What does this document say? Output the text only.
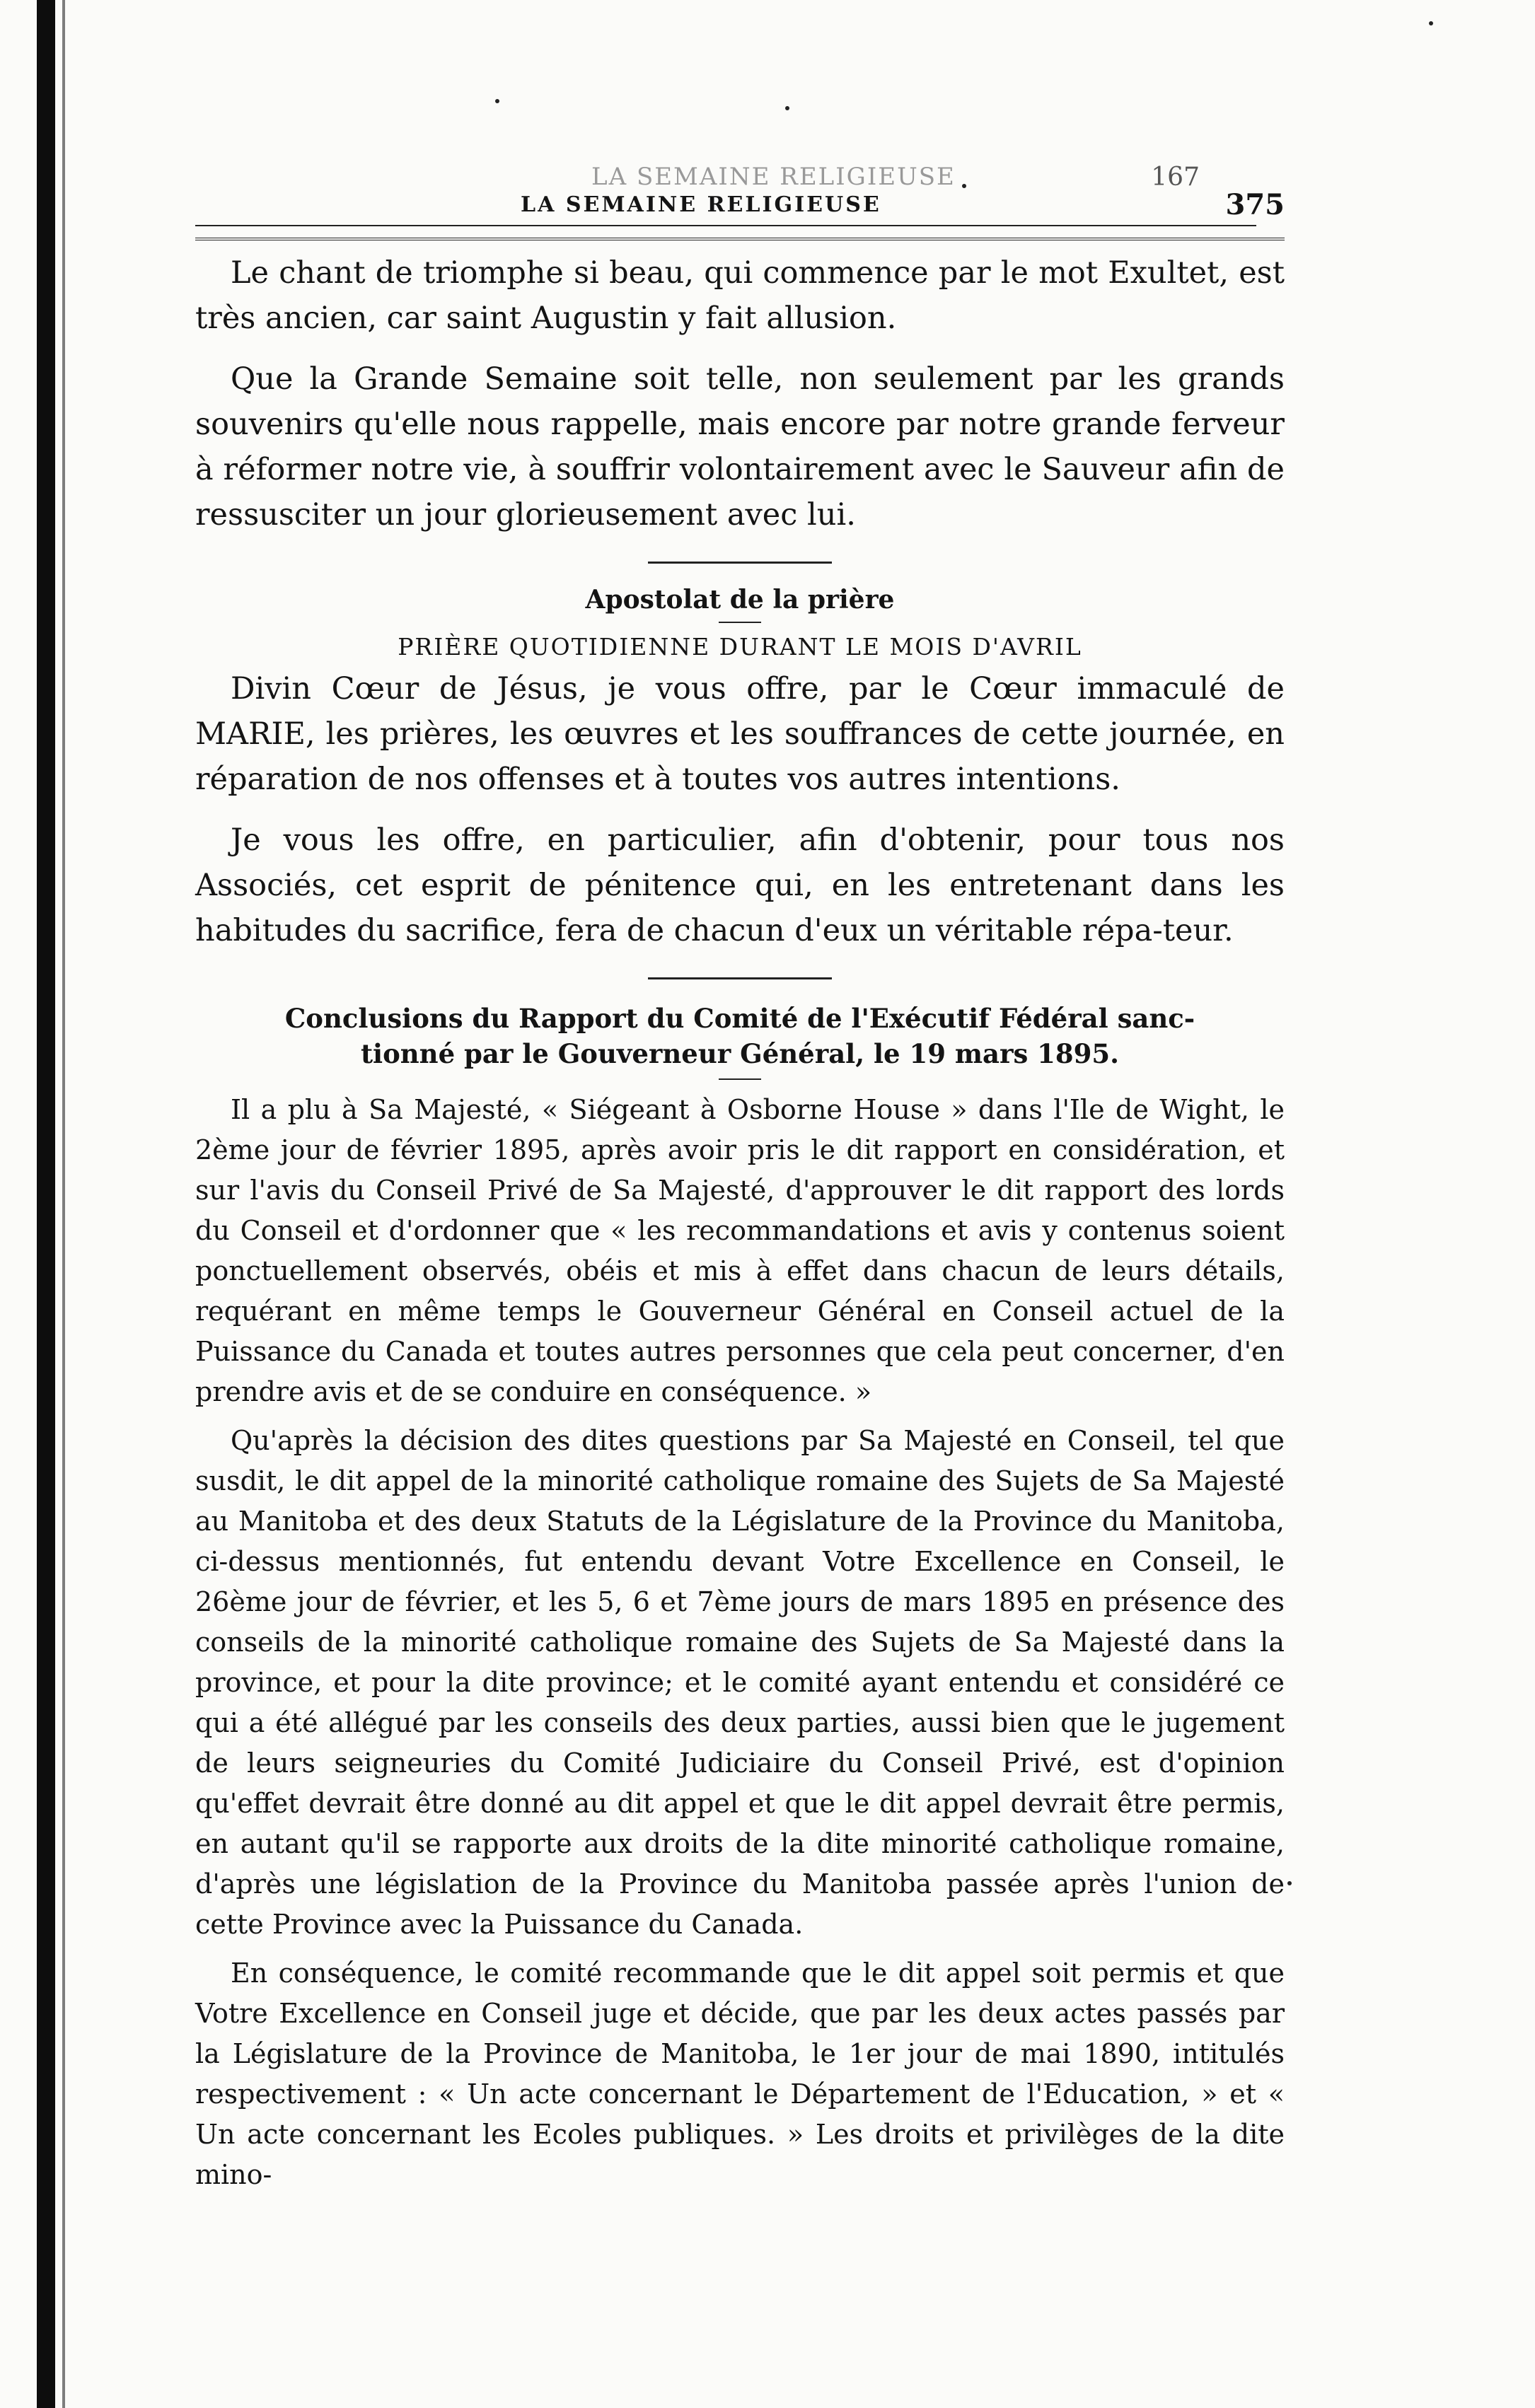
LA SEMAINE RELIGIEUSE	167
LA SEMAINE RELIGIEUSE	375

Le chant de triomphe si beau, qui commence par le mot Exultet, est très ancien, car saint Augustin y fait allusion.

Que la Grande Semaine soit telle, non seulement par les grands souvenirs qu'elle nous rappelle, mais encore par notre grande ferveur à réformer notre vie, à souffrir volontairement avec le Sauveur afin de ressusciter un jour glorieusement avec lui.

Apostolat de la prière

PRIÈRE QUOTIDIENNE DURANT LE MOIS D'AVRIL

Divin Cœur de Jésus, je vous offre, par le Cœur immaculé de MARIE, les prières, les œuvres et les souffrances de cette journée, en réparation de nos offenses et à toutes vos autres intentions.

Je vous les offre, en particulier, afin d'obtenir, pour tous nos Associés, cet esprit de pénitence qui, en les entretenant dans les habitudes du sacrifice, fera de chacun d'eux un véritable répa-teur.

Conclusions du Rapport du Comité de l'Exécutif Fédéral sanc-
tionné par le Gouverneur Général, le 19 mars 1895.

Il a plu à Sa Majesté, « Siégeant à Osborne House » dans l'Ile de Wight, le 2ème jour de février 1895, après avoir pris le dit rapport en considération, et sur l'avis du Conseil Privé de Sa Majesté, d'approuver le dit rapport des lords du Conseil et d'ordonner que « les recommandations et avis y contenus soient ponctuellement observés, obéis et mis à effet dans chacun de leurs détails, requérant en même temps le Gouverneur Général en Conseil actuel de la Puissance du Canada et toutes autres personnes que cela peut concerner, d'en prendre avis et de se conduire en conséquence. »

Qu'après la décision des dites questions par Sa Majesté en Conseil, tel que susdit, le dit appel de la minorité catholique romaine des Sujets de Sa Majesté au Manitoba et des deux Statuts de la Législature de la Province du Manitoba, ci-dessus mentionnés, fut entendu devant Votre Excellence en Conseil, le 26ème jour de février, et les 5, 6 et 7ème jours de mars 1895 en présence des conseils de la minorité catholique romaine des Sujets de Sa Majesté dans la province, et pour la dite province; et le comité ayant entendu et considéré ce qui a été allégué par les conseils des deux parties, aussi bien que le jugement de leurs seigneuries du Comité Judiciaire du Conseil Privé, est d'opinion qu'effet devrait être donné au dit appel et que le dit appel devrait être permis, en autant qu'il se rapporte aux droits de la dite minorité catholique romaine, d'après une législation de la Province du Manitoba passée après l'union de cette Province avec la Puissance du Canada.

En conséquence, le comité recommande que le dit appel soit permis et que Votre Excellence en Conseil juge et décide, que par les deux actes passés par la Législature de la Province de Manitoba, le 1er jour de mai 1890, intitulés respectivement : « Un acte concernant le Département de l'Education, » et « Un acte concernant les Ecoles publiques. » Les droits et privilèges de la dite mino-
